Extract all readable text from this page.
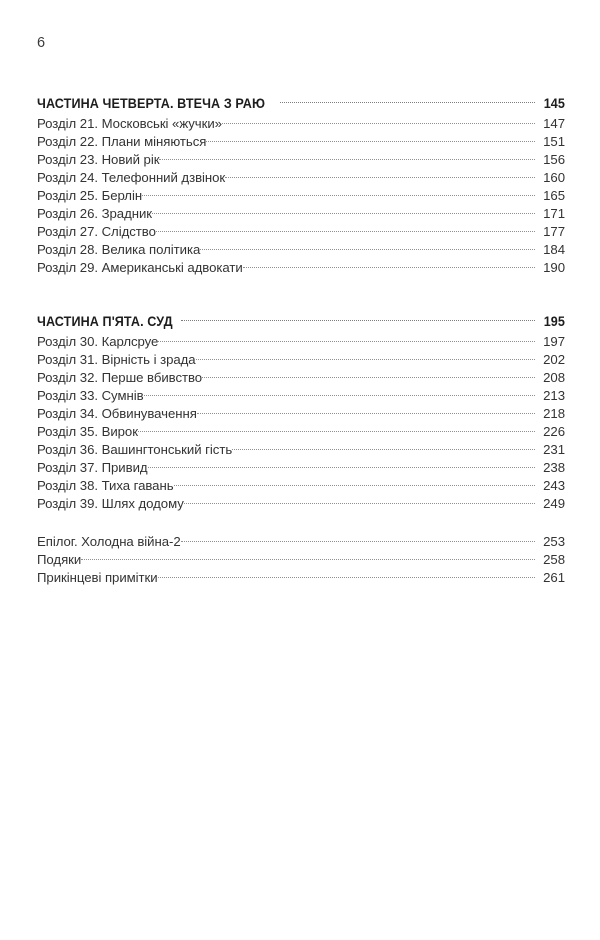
6
ЧАСТИНА ЧЕТВЕРТА. ВТЕЧА З РАЮ	145
Розділ 21. Московські «жучки»	147
Розділ 22. Плани міняються	151
Розділ 23. Новий рік	156
Розділ 24. Телефонний дзвінок	160
Розділ 25. Берлін	165
Розділ 26. Зрадник	171
Розділ 27. Слідство	177
Розділ 28. Велика політика	184
Розділ 29. Американські адвокати	190
ЧАСТИНА П'ЯТА. СУД	195
Розділ 30. Карлсруе	197
Розділ 31. Вірність і зрада	202
Розділ 32. Перше вбивство	208
Розділ 33. Сумнів	213
Розділ 34. Обвинувачення	218
Розділ 35. Вирок	226
Розділ 36. Вашингтонський гість	231
Розділ 37. Привид	238
Розділ 38. Тиха гавань	243
Розділ 39. Шлях додому	249
Епілог. Холодна війна-2	253
Подяки	258
Прикінцеві примітки	261
